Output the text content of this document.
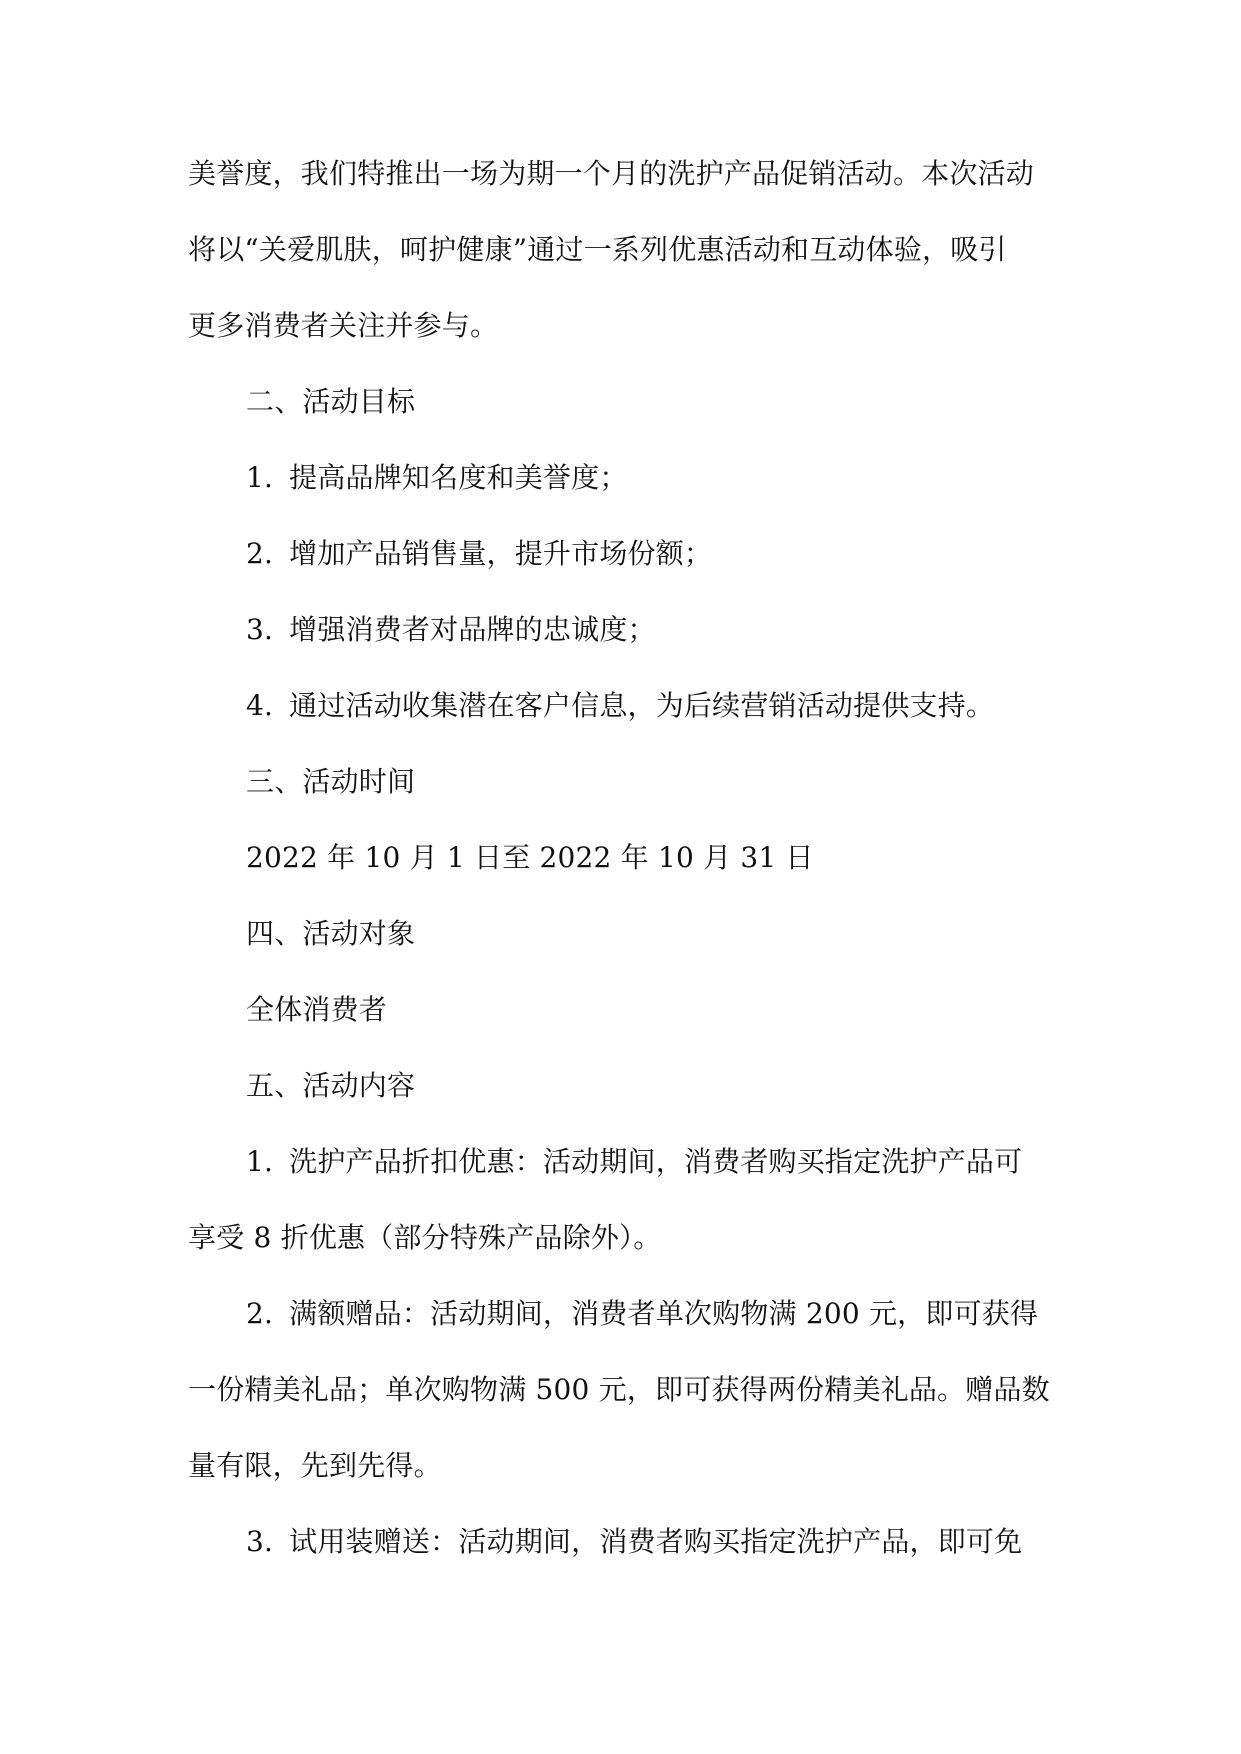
美誉度，我们特推出一场为期一个月的洗护产品促销活动。本次活动
将以“关爱肌肤，呵护健康”通过一系列优惠活动和互动体验，吸引
更多消费者关注并参与。
二、活动目标
1. 提高品牌知名度和美誉度；
2. 增加产品销售量，提升市场份额；
3. 增强消费者对品牌的忠诚度；
4. 通过活动收集潜在客户信息，为后续营销活动提供支持。
三、活动时间
2022 年 10 月 1 日至 2022 年 10 月 31 日
四、活动对象
全体消费者
五、活动内容
1. 洗护产品折扣优惠：活动期间，消费者购买指定洗护产品可
享受 8 折优惠（部分特殊产品除外）。
2. 满额赠品：活动期间，消费者单次购物满 200 元，即可获得
一份精美礼品；单次购物满 500 元，即可获得两份精美礼品。赠品数
量有限，先到先得。
3. 试用装赠送：活动期间，消费者购买指定洗护产品，即可免
